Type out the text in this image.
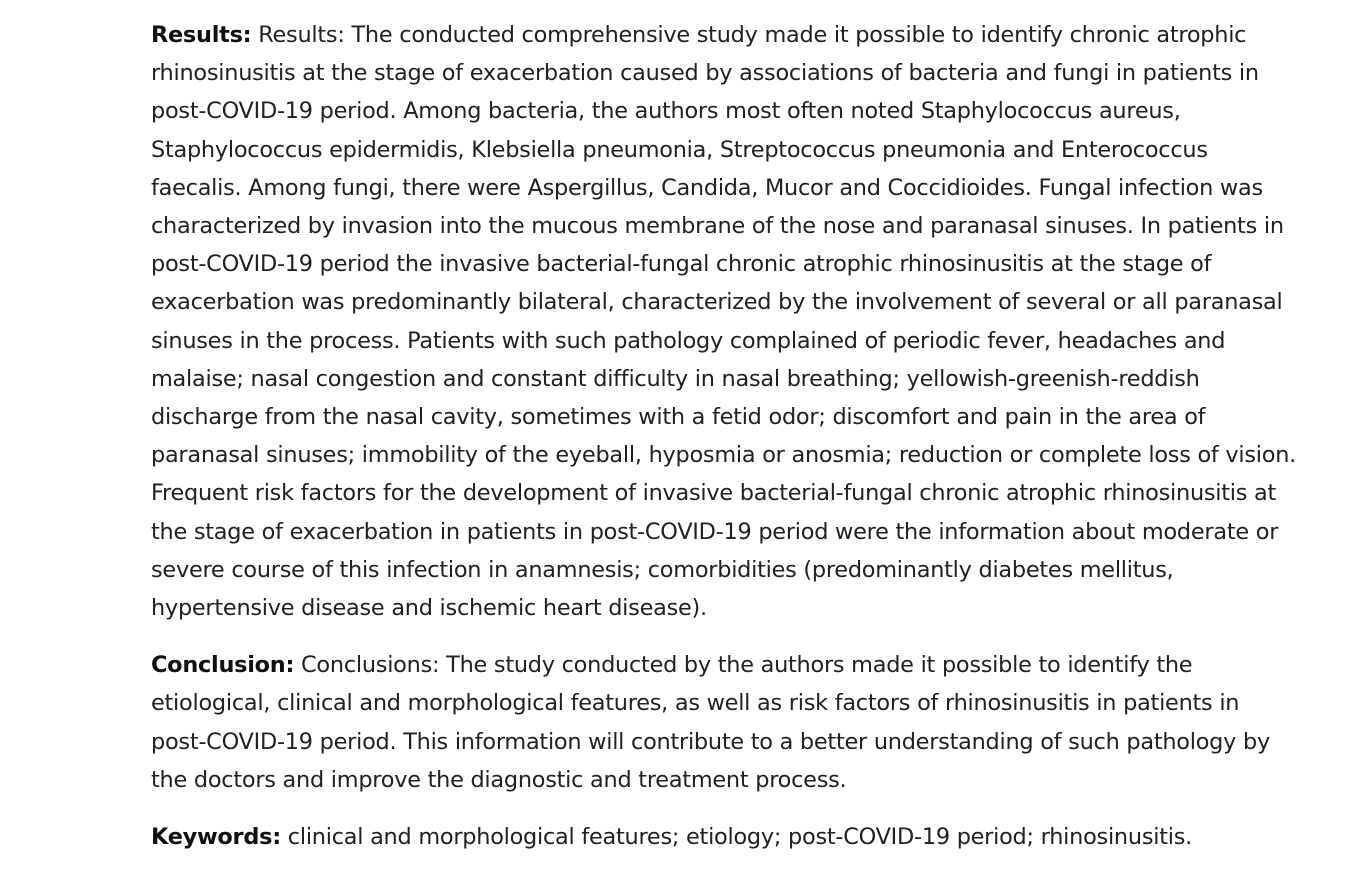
Results: Results: The conducted comprehensive study made it possible to identify chronic atrophic rhinosinusitis at the stage of exacerbation caused by associations of bacteria and fungi in patients in post-COVID-19 period. Among bacteria, the authors most often noted Staphylococcus aureus, Staphylococcus epidermidis, Klebsiella pneumonia, Streptococcus pneumonia and Enterococcus faecalis. Among fungi, there were Aspergillus, Candida, Mucor and Coccidioides. Fungal infection was characterized by invasion into the mucous membrane of the nose and paranasal sinuses. In patients in post-COVID-19 period the invasive bacterial-fungal chronic atrophic rhinosinusitis at the stage of exacerbation was predominantly bilateral, characterized by the involvement of several or all paranasal sinuses in the process. Patients with such pathology complained of periodic fever, headaches and malaise; nasal congestion and constant difficulty in nasal breathing; yellowish-greenish-reddish discharge from the nasal cavity, sometimes with a fetid odor; discomfort and pain in the area of paranasal sinuses; immobility of the eyeball, hyposmia or anosmia; reduction or complete loss of vision. Frequent risk factors for the development of invasive bacterial-fungal chronic atrophic rhinosinusitis at the stage of exacerbation in patients in post-COVID-19 period were the information about moderate or severe course of this infection in anamnesis; comorbidities (predominantly diabetes mellitus, hypertensive disease and ischemic heart disease).

Conclusion: Conclusions: The study conducted by the authors made it possible to identify the etiological, clinical and morphological features, as well as risk factors of rhinosinusitis in patients in post-COVID-19 period. This information will contribute to a better understanding of such pathology by the doctors and improve the diagnostic and treatment process.

Keywords: clinical and morphological features; etiology; post-COVID-19 period; rhinosinusitis.
